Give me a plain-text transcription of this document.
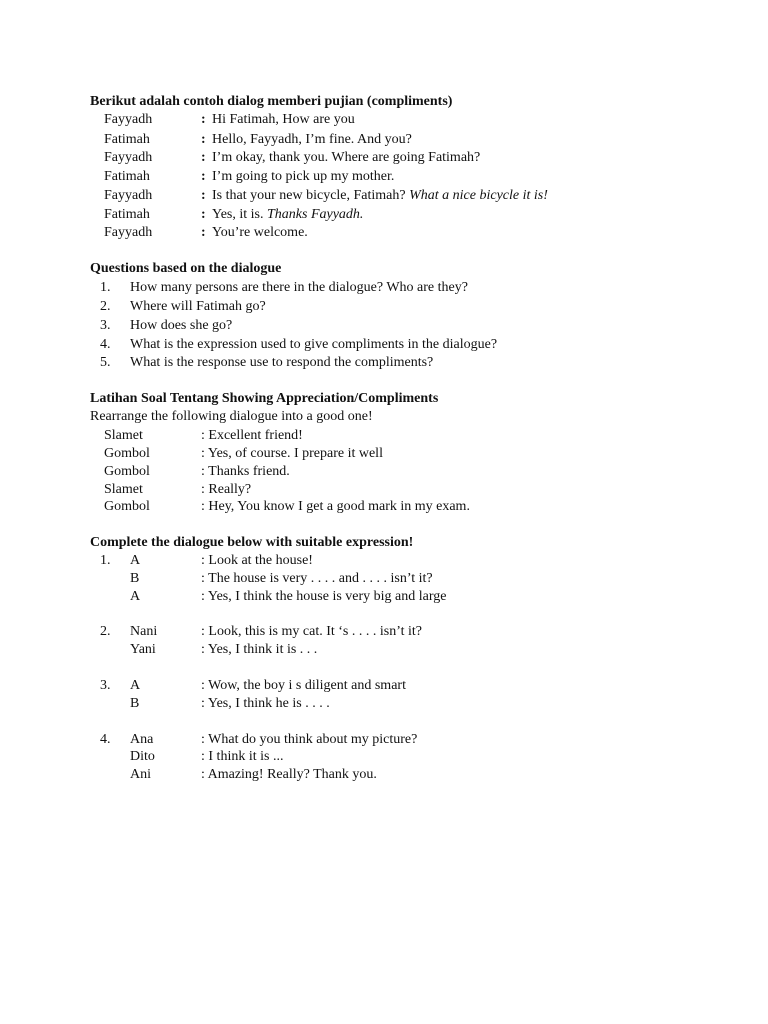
Berikut adalah contoh dialog memberi pujian (compliments)
Fayyadh	: Hi Fatimah, How are you
Fatimah	: Hello, Fayyadh, I’m fine. And you?
Fayyadh	: I’m okay, thank you. Where are going Fatimah?
Fatimah	: I’m going to pick up my mother.
Fayyadh	: Is that your new bicycle, Fatimah? What a nice bicycle it is!
Fatimah	: Yes, it is. Thanks Fayyadh.
Fayyadh	: You’re welcome.
Questions based on the dialogue
1. How many persons are there in the dialogue? Who are they?
2. Where will Fatimah go?
3. How does she go?
4. What is the expression used to give compliments in the dialogue?
5. What is the response use to respond the compliments?
Latihan Soal Tentang Showing Appreciation/Compliments
Rearrange the following dialogue into a good one!
Slamet	: Excellent friend!
Gombol	: Yes, of course. I prepare it well
Gombol	: Thanks friend.
Slamet	: Really?
Gombol	: Hey, You know I get a good mark in my exam.
Complete the dialogue below with suitable expression!
1. A	: Look at the house!
B	: The house is very . . . . and . . . . isn’t it?
A	: Yes, I think the house is very big and large
2. Nani	: Look, this is my cat. It ‘s . . . . isn’t it?
Yani	: Yes, I think it is . . .
3. A	: Wow, the boy i s diligent and smart
B	: Yes, I think he is . . . .
4. Ana	: What do you think about my picture?
Dito	: I think it is ...
Ani	: Amazing! Really? Thank you.
